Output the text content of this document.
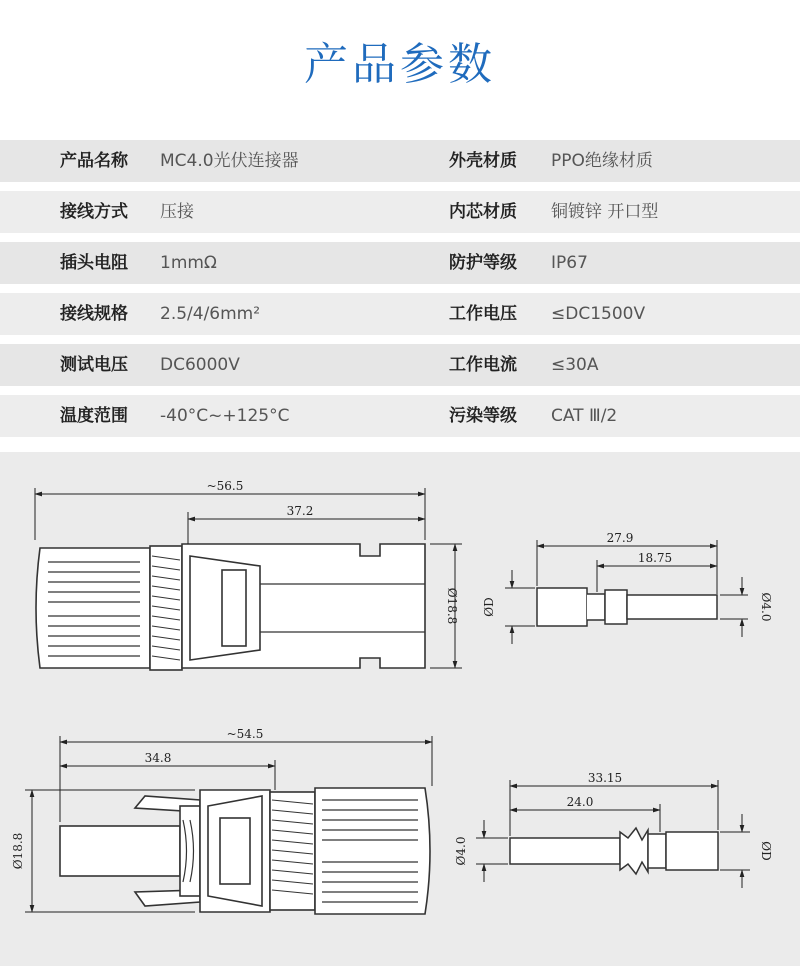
产品参数
产品名称 MC4.0光伏连接器	外壳材质 PPO绝缘材质
接线方式 压接	内芯材质 铜镀锌 开口型
插头电阻 1mmΩ	防护等级 IP67
接线规格 2.5/4/6mm²	工作电压 ≤DC1500V
测试电压 DC6000V	工作电流 ≤30A
温度范围 -40°C~+125°C	污染等级 CAT Ⅲ/2
~56.5
37.2
Ø18.8
27.9
18.75
ØD	Ø4.0
~54.5
34.8
Ø18.8
33.15
24.0
Ø4.0	ØD
